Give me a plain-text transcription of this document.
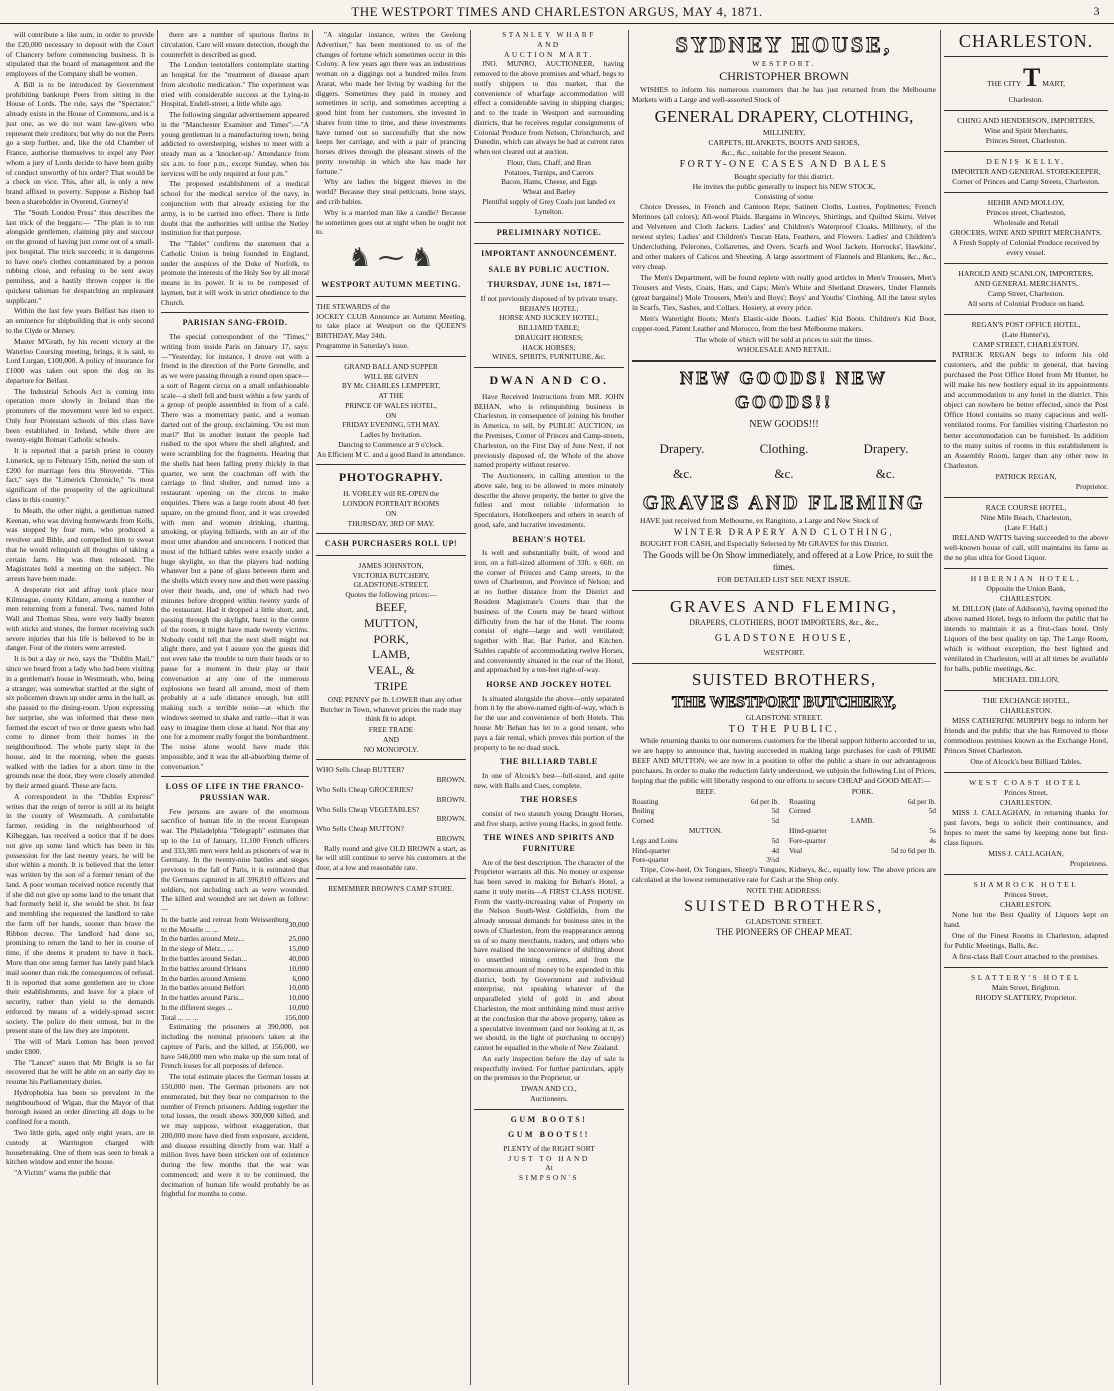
THE WESTPORT TIMES AND CHARLESTON ARGUS, MAY 4, 1871.	3

will contribute a like sum, in order to provide the £20,000 necessary to deposit with the Court of Chancery before commencing business. It is stipulated that the board of management and the employees of the Company shall be women.

A Bill is to be introduced by Government prohibiting bankrupt Peers from sitting in the House of Lords. The rule, says the "Spectator," already exists in the House of Commons, and is a just one, as we do not want law-givers who represent their creditors; but why do not the Peers go a step further, and, like the old Chamber of France, authorise themselves to expel any Peer whom a jury of Lords decide to have been guilty of conduct unworthy of his order? That would be a check on vice. This, after all, is only a new brand affixed to poverty. Suppose a Bishop had been a shareholder in Overend, Gurney's!

The "South London Press" thus describes the last trick of the beggars:— "The plan is to run alongside gentlemen, claiming pity and succour on the ground of having just come out of a small-pox hospital. The trick succeeds; it is dangerous to have one's clothes contaminated by a person rubbing close, and refusing to be sent away penniless, and a hastily thrown copper is the quickest talisman for despatching an unpleasant supplicant."

Within the last few years Belfast has risen to an eminence for shipbuilding that is only second to the Clyde or Mersey.

Master M'Grath, by his recent victory at the Waterloo Coursing meeting, brings, it is said, to Lord Lurgan, £100,000. A policy of insurance for £1000 was taken out upon the dog on its departure for Belfast.

The Industrial Schools Act is coming into operation more slowly in Ireland than the promoters of the movement were led to expect. Only four Protestant schools of this class have been established in Ireland, while there are twenty-eight Roman Catholic schools.

It is reported that a parish priest in county Limerick, up to February 15th, netted the sum of £200 for marriage fees this Shrovetide. "This fact," says the "Limerick Chronicle," "is most significant of the prosperity of the agricultural class in this country."

In Meath, the other night, a gentleman named Keenan, who was driving homewards from Kells, was stopped by four men, who produced a revolver and Bible, and compelled him to swear that he would relinquish all thoughts of taking a certain farm. He was then released. The Magistrates held a meeting on the subject. No arrests have been made.

A desperate riot and affray took place near Kilmeague, county Kildare, among a number of men returning from a funeral. Two, named John Wall and Thomas Shea, were very badly beaten with sticks and stones, the former receiving such severe injuries that his life is believed to be in danger. Four of the rioters were arrested.

It is but a day or two, says the "Dublin Mail," since we heard from a lady who had been visiting in a gentleman's house in Westmeath, who, being a stranger, was somewhat startled at the sight of six policemen drawn up under arms in the hall, as she passed to the dining-room. Upon expressing her surprise, she was informed that these men formed the escort of two or three guests who had come to dinner from their homes in the neighbourhood. The whole party slept in the house, and in the morning, when the guests walked with the ladies for a short time in the grounds near the door, they were closely attended by their armed guard. These are facts.

A correspondent in the "Dublin Express" writes that the reign of terror is still at its height in the county of Westmeath. A comfortable farmer, residing in the neighbourhood of Kilbeggan, has received a notice that if he does not give up some land which has been in his possession for the last twenty years, he will be shot within a month. It is believed that the letter was written by the son of a former tenant of the land. A poor woman received notice recently that if she did not give up some land to the tenant that had formerly held it, she would be shot. In fear and trembling she requested the landlord to take the farm off her hands, sooner than brave the Ribbon decree. The landlord had done so, promising to return the land to her in course of time, if she deems it prudent to have it back. More than one smug farmer has lately paid black mail sooner than risk the consequences of refusal. It is reported that some gentlemen are to close their establishments, and leave for a place of security, rather than yield to the demands enforced by means of a widely-spread secret society. The police do their utmost, but in the present state of the law they are impotent.

The will of Mark Lemon has been proved under £800.

The "Lancet" states that Mr Bright is so far recovered that he will be able on an early day to resume his Parliamentary duties.

Hydrophobia has been so prevalent in the neighbourhood of Wigan, that the Mayor of that borough issued an order directing all dogs to be confined for a month.

Two little girls, aged only eight years, are in custody at Warrington charged with housebreaking. One of them was seen to break a kitchen window and enter the house.

"A Victim" warns the public that

there are a number of spurious florins in circulation. Care will ensure detection, though the counterfeit is described as good.

The London teetotallers contemplate starting an hospital for the "treatment of disease apart from alcoholic medication." The experiment was tried with considerable success at the Lying-in Hospital, Endell-street, a little while ago.

The following singular advertisement appeared in the "Manchester Examiner and Times":—"A young gentleman in a manufacturing town, being addicted to oversleeping, wishes to meet with a steady man as a 'knocker-up.' Attendance from six a.m. to four p.m., except Sunday, when his services will be only required at four p.m."

The proposed establishment of a medical school for the medical service of the navy, in conjunction with that already existing for the army, is to be carried into effect. There is little doubt that the authorities will utilise the Netley institution for that purpose.

The "Tablet" confirms the statement that a Catholic Union is being founded in England, under the auspices of the Duke of Norfolk, to promote the interests of the Holy See by all moral means in its power. It is to be composed of laymen, but it will work in strict obedience to the Church.

PARISIAN SANG-FROID.

The special correspondent of the "Times," writing from inside Paris on January 17, says:—"Yesterday, for instance, I drove out with a friend in the direction of the Porte Grenelle, and as we were passing through a round open space—a sort of Regent circus on a small unfashionable scale—a shell fell and burst within a few yards of a group of people assembled in front of a café. There was a momentary panic, and a woman darted out of the group, exclaiming, 'Ou est mon mari?' But in another instant the people had rushed to the spot where the shell alighted, and were scrambling for the fragments. Hearing that the shells had been falling pretty thickly in that quarter, we sent the coachman off with the carriage to find shelter, and turned into a restaurant opening on the circus to make enquiries. There was a large room about 40 feet square, on the ground floor, and it was crowded with men and women drinking, chatting, smoking, or playing billiards, with an air of the most utter abandon and unconcern. I noticed that most of the billiard tables were exactly under a huge skylight, so that the players had nothing whatever but a pane of glass between them and the shells which every now and then were passing over their heads, and, one of which had two minutes before dropped within twenty yards of the restaurant. Had it dropped a little short, and, passing through the skylight, burst in the centre of the room, it might have made twenty victims. Nobody could tell that the next shell might not alight there, and yet I assure you the guests did not even take the trouble to turn their heads or to pause for a moment in their play or their conversation at any one of the numerous explosions we heard all around, most of them probably at a safe distance enough, but still making such a terrible noise—at which the windows seemed to shake and rattle—that it was easy to imagine them close at hand. Not that any one for a moment really forgot the bombardment. The noise alone would have made this impossible, and it was the all-absorbing theme of conversation."

LOSS OF LIFE IN THE FRANCO-PRUSSIAN WAR.

Few persons are aware of the enormous sacrifice of human life in the recent European war. The Philadelphia "Telegraph" estimates that up to the 1st of January, 11,100 French officers and 333,385 men were held as prisoners of war in Germany. In the twenty-nine battles and sieges previous to the fall of Paris, it is estimated that the Germans captured in all 396,810 officers and soldiers, not including such as were wounded. The killed and wounded are set down as follow:—

In the battle and retreat from Weissenburg to the Moselle ... ...	30,000
In the battles around Metz...	25,000
In the siege of Metz... ...	15,000
In the battles around Sedan...	40,000
In the battles around Orleans	10,000
In the battles around Amiens	6,000
In the battles around Belfort	10,000
In the battles around Paris...	10,000
In the different sieges ...	10,000
Total ... ... ...	156,000

Estimating the prisoners at 390,000, not including the nominal prisoners taken at the capture of Paris, and the killed, at 156,000, we have 546,000 men who make up the sum total of French losses for all purposes of defence.

The total estimate places the German losses at 150,000 men. The German prisoners are not enumerated, but they bear no comparison to the number of French prisoners. Adding together the total losses, the result shows 300,000 killed, and we may suppose, without exaggeration, that 200,000 more have died from exposure, accident, and disease resulting directly from war. Half a million lives have been stricken out of existence during the few months that the war was commenced; and were it to be continued, the decimation of human life would probably be as frightful for months to come.

"A singular instance, writes the Geelong Advertiser," has been mentioned to us of the changes of fortune which sometimes occur in this Colony. A few years ago there was an industrious woman on a diggings not a hundred miles from Ararat, who made her living by washing for the diggers. Sometimes they paid in money and sometimes in scrip, and sometimes accepting a good hint from her customers, she invested in shares from time to time, and these investments have turned out so successfully that she now keeps her carriage, and with a pair of prancing horses drives through the pleasant streets of the pretty township in which she has made her fortune."

Why are ladies the biggest thieves in the world? Because they steal petticoats, bone stays, and crib babies.

Why is a married man like a candle? Because he sometimes goes out at night when he ought not to.

♞ ⁓ ♞
WESTPORT AUTUMN MEETING.
THE STEWARDS of the
JOCKEY CLUB Announce an Autumn Meeting, to take place at Westport on the QUEEN'S BIRTHDAY, May 24th.
Programme in Saturday's issue.
GRAND BALL AND SUPPER
WILL BE GIVEN
BY Mr. CHARLES LEMPPERT,
AT THE
PRINCE OF WALES HOTEL,
ON
FRIDAY EVENING, 5TH MAY.
Ladies by Invitation.
Dancing to Commence at 9 o'clock.
An Efficient M C. and a good Band in attendance.
PHOTOGRAPHY.
H. VORLEY will RE-OPEN the
LONDON PORTRAIT ROOMS
ON
THURSDAY, 3RD OF MAY.
CASH PURCHASERS ROLL UP!
JAMES JOHNSTON,
VICTORIA BUTCHERY,
GLADSTONE-STREET,
Quotes the following prices:—
BEEF,
MUTTON,
PORK,
LAMB,
VEAL, &
TRIPE

ONE PENNY per lb. LOWER than any other Butcher in Town, whatever prices the trade may think fit to adopt.

FREE TRADE
AND
NO MONOPOLY.
WHO Sells Cheap BUTTER?
BROWN.
Who Sells Cheap GROCERIES?
BROWN.
Who Sells Cheap VEGETABLES?
BROWN.
Who Sells Cheap MUTTON?
BROWN.

Rally round and give OLD BROWN a start, as he will still continue to serve his customers at the door, at a low and reasonable rate.

REMEMBER BROWN'S CAMP STORE.
STANLEY WHARF
AND
AUCTION MART.

JNO. MUNRO, AUCTIONEER, having removed to the above premises and wharf, begs to notify shippers to this market, that the convenience of wharfage accommodation will effect a considerable saving in shipping charges; and to the trade in Westport and surrounding districts, that he receives regular consignments of Colonial Produce from Nelson, Christchurch, and Dunedin, which can always be had at current rates when not cleared out at auction.

Flour, Oats, Chaff, and Bran
Potatoes, Turnips, and Carrots
Bacon, Hams, Cheese, and Eggs
Wheat and Barley
Plentiful supply of Grey Coals just landed ex Lyttelton.
PRELIMINARY NOTICE.
IMPORTANT ANNOUNCEMENT.
SALE BY PUBLIC AUCTION.
THURSDAY, JUNE 1st, 1871—
If not previously disposed of by private treaty.
BEHAN'S HOTEL;
HORSE AND JOCKEY HOTEL;
BILLIARD TABLE;
DRAUGHT HORSES;
HACK HORSES;
WINES, SPIRITS, FURNITURE, &c.
DWAN AND CO.

Have Received Instructions from MR. JOHN BEHAN, who is relinquishing business in Charleston, in consequence of joining his brother in America, to sell, by PUBLIC AUCTION, on the Premises, Corner of Princes and Camp-streets, Charleston, on the First Day of June Next, if not previously disposed of, the Whole of the above named property without reserve.

The Auctioneers, in calling attention to the above sale, beg to be allowed to more minutely describe the above property, the better to give the fullest and most reliable information to Speculators, Hotelkeepers and others in search of good, safe, and lucrative investments.

BEHAN'S HOTEL

Is well and substantially built, of wood and iron, on a full-sized allotment of 33ft. x 66ft. on the corner of Princes and Camp streets, in the town of Charleston, and Province of Nelson; and at no further distance from the District and Resident Magistrate's Courts than that the business of the Courts may be heard without difficulty from the bar of the Hotel. The rooms consist of eight—large and well ventilated; together with Bar, Bar Parlor, and Kitchen. Stables capable of accommodating twelve Horses, and conveniently situated in the rear of the Hotel, and approached by a ten-feet right-of-way.

HORSE AND JOCKEY HOTEL

Is situated alongside the above—only separated from it by the above-named right-of-way, which is for the use and convenience of both Hotels. This house Mr Behan has let to a good tenant, who pays a fair rental, which proves this portion of the property to be no dead stock.

THE BILLIARD TABLE

In one of Alcock's best—full-sized, and quite new, with Balls and Cues, complete.

THE HORSES

consist of two staunch young Draught Horses, and five sharp, active young Hacks, in good fettle.

THE WINES AND SPIRITS AND FURNITURE

Are of the best description. The character of the Proprietor warrants all this. No money or expense has been saved in making for Behan's Hotel, a name it truly merits—A FIRST CLASS HOUSE. From the vastly-increasing value of Property on the Nelson South-West Goldfields, from the already unusual demands for business sites in the town of Charleston, from the reappearance among us of so many merchants, traders, and others who have realised the inconvenience of shifting about to unsettled mining centres, and from the enormous amount of money to be expended in this district, both by Government and individual enterprise, not speaking whatever of the unparalleled yield of gold in and about Charleston, the most unthinking mind must arrive at the conclusion that the above property, taken as a speculative investment (and not looking at it, as we should, in the light of purchasing to occupy) cannot be equalled in the whole of New Zealand.

An early inspection before the day of sale is respectfully invited. For further particulars, apply on the premises to the Proprietor, or

DWAN AND CO.,
Auctioneers.
GUM BOOTS!
GUM BOOTS!!
PLENTY of the RIGHT SORT
JUST TO HAND
At
SIMPSON'S
SYDNEY HOUSE,
WESTPORT.
CHRISTOPHER BROWN

WISHES to inform his numerous customers that he has just returned from the Melbourne Markets with a Large and well-assorted Stock of

GENERAL DRAPERY, CLOTHING,
MILLINERY,
CARPETS, BLANKETS, BOOTS AND SHOES,
&c., &c., suitable for the present Season.
FORTY-ONE CASES AND BALES
Bought specially for this district.
He invites the public generally to inspect his NEW STOCK,
Consisting of some

Choice Dresses, in French and Cantoon Reps; Satinett Cloths, Lustres, Poplinettes; French Merinoes (all colors); All-wool Plaids. Bargains in Winceys, Shirtings, and Quilted Skirts. Velvet and Velveteen and Cloth Jackets. Ladies' and Children's Waterproof Cloaks. Millinery, of the newest styles; Ladies' and Children's Tuscan Hats, Feathers, and Flowers. Ladies' and Children's Underclothing. Pelerones, Collarettes, and Overs. Scarfs and Wool Jackets. Horrocks', Hawkins', and other makers of Calicos and Sheeting. A large assortment of Flannels and Blankets, &c., &c., very cheap.

The Men's Department, will be found replete with really good articles in Men's Trousers, Men's Trousers and Vests, Coats, Hats, and Caps; Men's White and Shetland Drawers, Under Flannels (great bargains!) Mole Trousers, Men's and Boys'; Boys' and Youths' Clothing. All the latest styles in Scarfs, Ties, Sashes, and Collars. Hosiery, at every price.

Men's Watertight Boots; Men's Elastic-side Boots. Ladies' Kid Boots. Children's Kid Boot, copper-toed, Patent Leather and Morocco, from the best Melbourne makers.

The whole of which will be sold at prices to suit the times.
WHOLESALE AND RETAIL.
NEW GOODS! NEW GOODS!!
NEW GOODS!!!
Drapery.	Clothing.	Drapery.
&c.	&c.	&c.
GRAVES AND FLEMING

HAVE just received from Melbourne, ex Rangitoto, a Large and New Stock of

WINTER DRAPERY AND CLOTHING,

BOUGHT FOR CASH, and Especially Selected by Mr GRAVES for this District.

The Goods will be On Show immediately, and offered at a Low Price, to suit the times.

FOR DETAILED LIST SEE NEXT ISSUE.
GRAVES AND FLEMING,
DRAPERS, CLOTHIERS, BOOT IMPORTERS, &c., &c.,
GLADSTONE HOUSE,
WESTPORT.
SUISTED BROTHERS,
THE WESTPORT BUTCHERY,
GLADSTONE STREET.
TO THE PUBLIC.

While returning thanks to our numerous customers for the liberal support hitherto accorded to us, we are happy to announce that, having succeeded in making large purchases for cash of PRIME BEEF AND MUTTON, we are now in a position to offer the public a share in our advantageous purchases. In order to make the reduction fairly understood, we subjoin the following List of Prices, hoping that the public will liberally respond to our efforts to secure CHEAP and GOOD MEAT:—

BEEF.
Roasting	6d per lb.
Boiling	5d
Corned	5d
MUTTON.
Legs and Loins	5d
Hind-quarter	4d
Fore-quarter	3½d
PORK.
Roasting	6d per lb.
Corned	5d
LAMB.
Hind-quarter	5s
Fore-quarter	4s
Veal	5d to 6d per lb.

Tripe, Cow-heel, Ox Tongues, Sheep's Tongues, Kidneys, &c., equally low. The above prices are calculated at the lowest remunerative rate for Cash at the Shop only.

NOTE THE ADDRESS:
SUISTED BROTHERS,
GLADSTONE STREET.
THE PIONEERS OF CHEAP MEAT.
CHARLESTON.
THE CITY T MART,
Charleston.
CHING AND HENDERSON, IMPORTERS,
Wine and Spirit Merchants,
Princes Street, Charleston.
DENIS KELLY,
IMPORTER AND GENERAL STOREKEEPER,
Corner of Princes and Camp Streets, Charleston.
HEHIR AND MOLLOY,
Princes street, Charleston,
Wholesale and Retail
GROCERS, WINE AND SPIRIT MERCHANTS.
A Fresh Supply of Colonial Produce received by every vessel.
HAROLD AND SCANLON, IMPORTERS,
AND GENERAL MERCHANTS,
Camp Street, Charleston.
All sorts of Colonial Produce on hand.
REGAN'S POST OFFICE HOTEL,
(Late Hunter's),
CAMP STREET, CHARLESTON.

PATRICK REGAN begs to inform his old customers, and the public in general, that having purchased the Post Office Hotel from Mr Hunter, he will make his new hostlery equal in its appointments and accommodation to any hotel in the district. This object can nowhere be better effected, since the Post Office Hotel contains so many capacious and well-ventilated rooms. For families visiting Charleston no better accommodation can be furnished. In addition to the many suites of rooms in this establishment is an Assembly Room, larger than any other now in Charleston.

PATRICK REGAN,
Proprietor.
RACE COURSE HOTEL,
Nine Mile Beach, Charleston,
(Late F. Hall.)

IRELAND WATTS having succeeded to the above well-known house of call, still maintains its fame as the ne plus ultra for Good Liquor.

HIBERNIAN HOTEL,
Opposite the Union Bank,
CHARLESTON.

M. DILLON (late of Addison's), having opened the above named Hotel, begs to inform the public that he intends to maintain it as a first-class hotel. Only Liquors of the best quality on tap. The Large Room, which is without exception, the best lighted and ventilated in Charleston, will at all times be available for balls, public meetings, &c.

MICHAEL DILLON,
THE EXCHANGE HOTEL,
CHARLESTON.

MISS CATHERINE MURPHY begs to inform her friends and the public that she has Removed to those commodious premises known as the Exchange Hotel, Princes Street Charleston.

One of Alcock's best Billiard Tables.
WEST COAST HOTEL
Princes Street,
CHARLESTON.

MISS J. CALLAGHAN, in returning thanks for past favors, begs to solicit their continuance, and hopes to meet the same by keeping none but first-class liquors.

MISS J. CALLAGHAN,
Proprietress.
SHAMROCK HOTEL
Princes Street,
CHARLESTON.

None but the Best Quality of Liquors kept on hand.

One of the Finest Rooms in Charleston, adapted for Public Meetings, Balls, &c.

A first-class Ball Court attached to the premises.

SLATTERY'S HOTEL
Main Street, Brighton.
RHODY SLATTERY, Proprietor.
